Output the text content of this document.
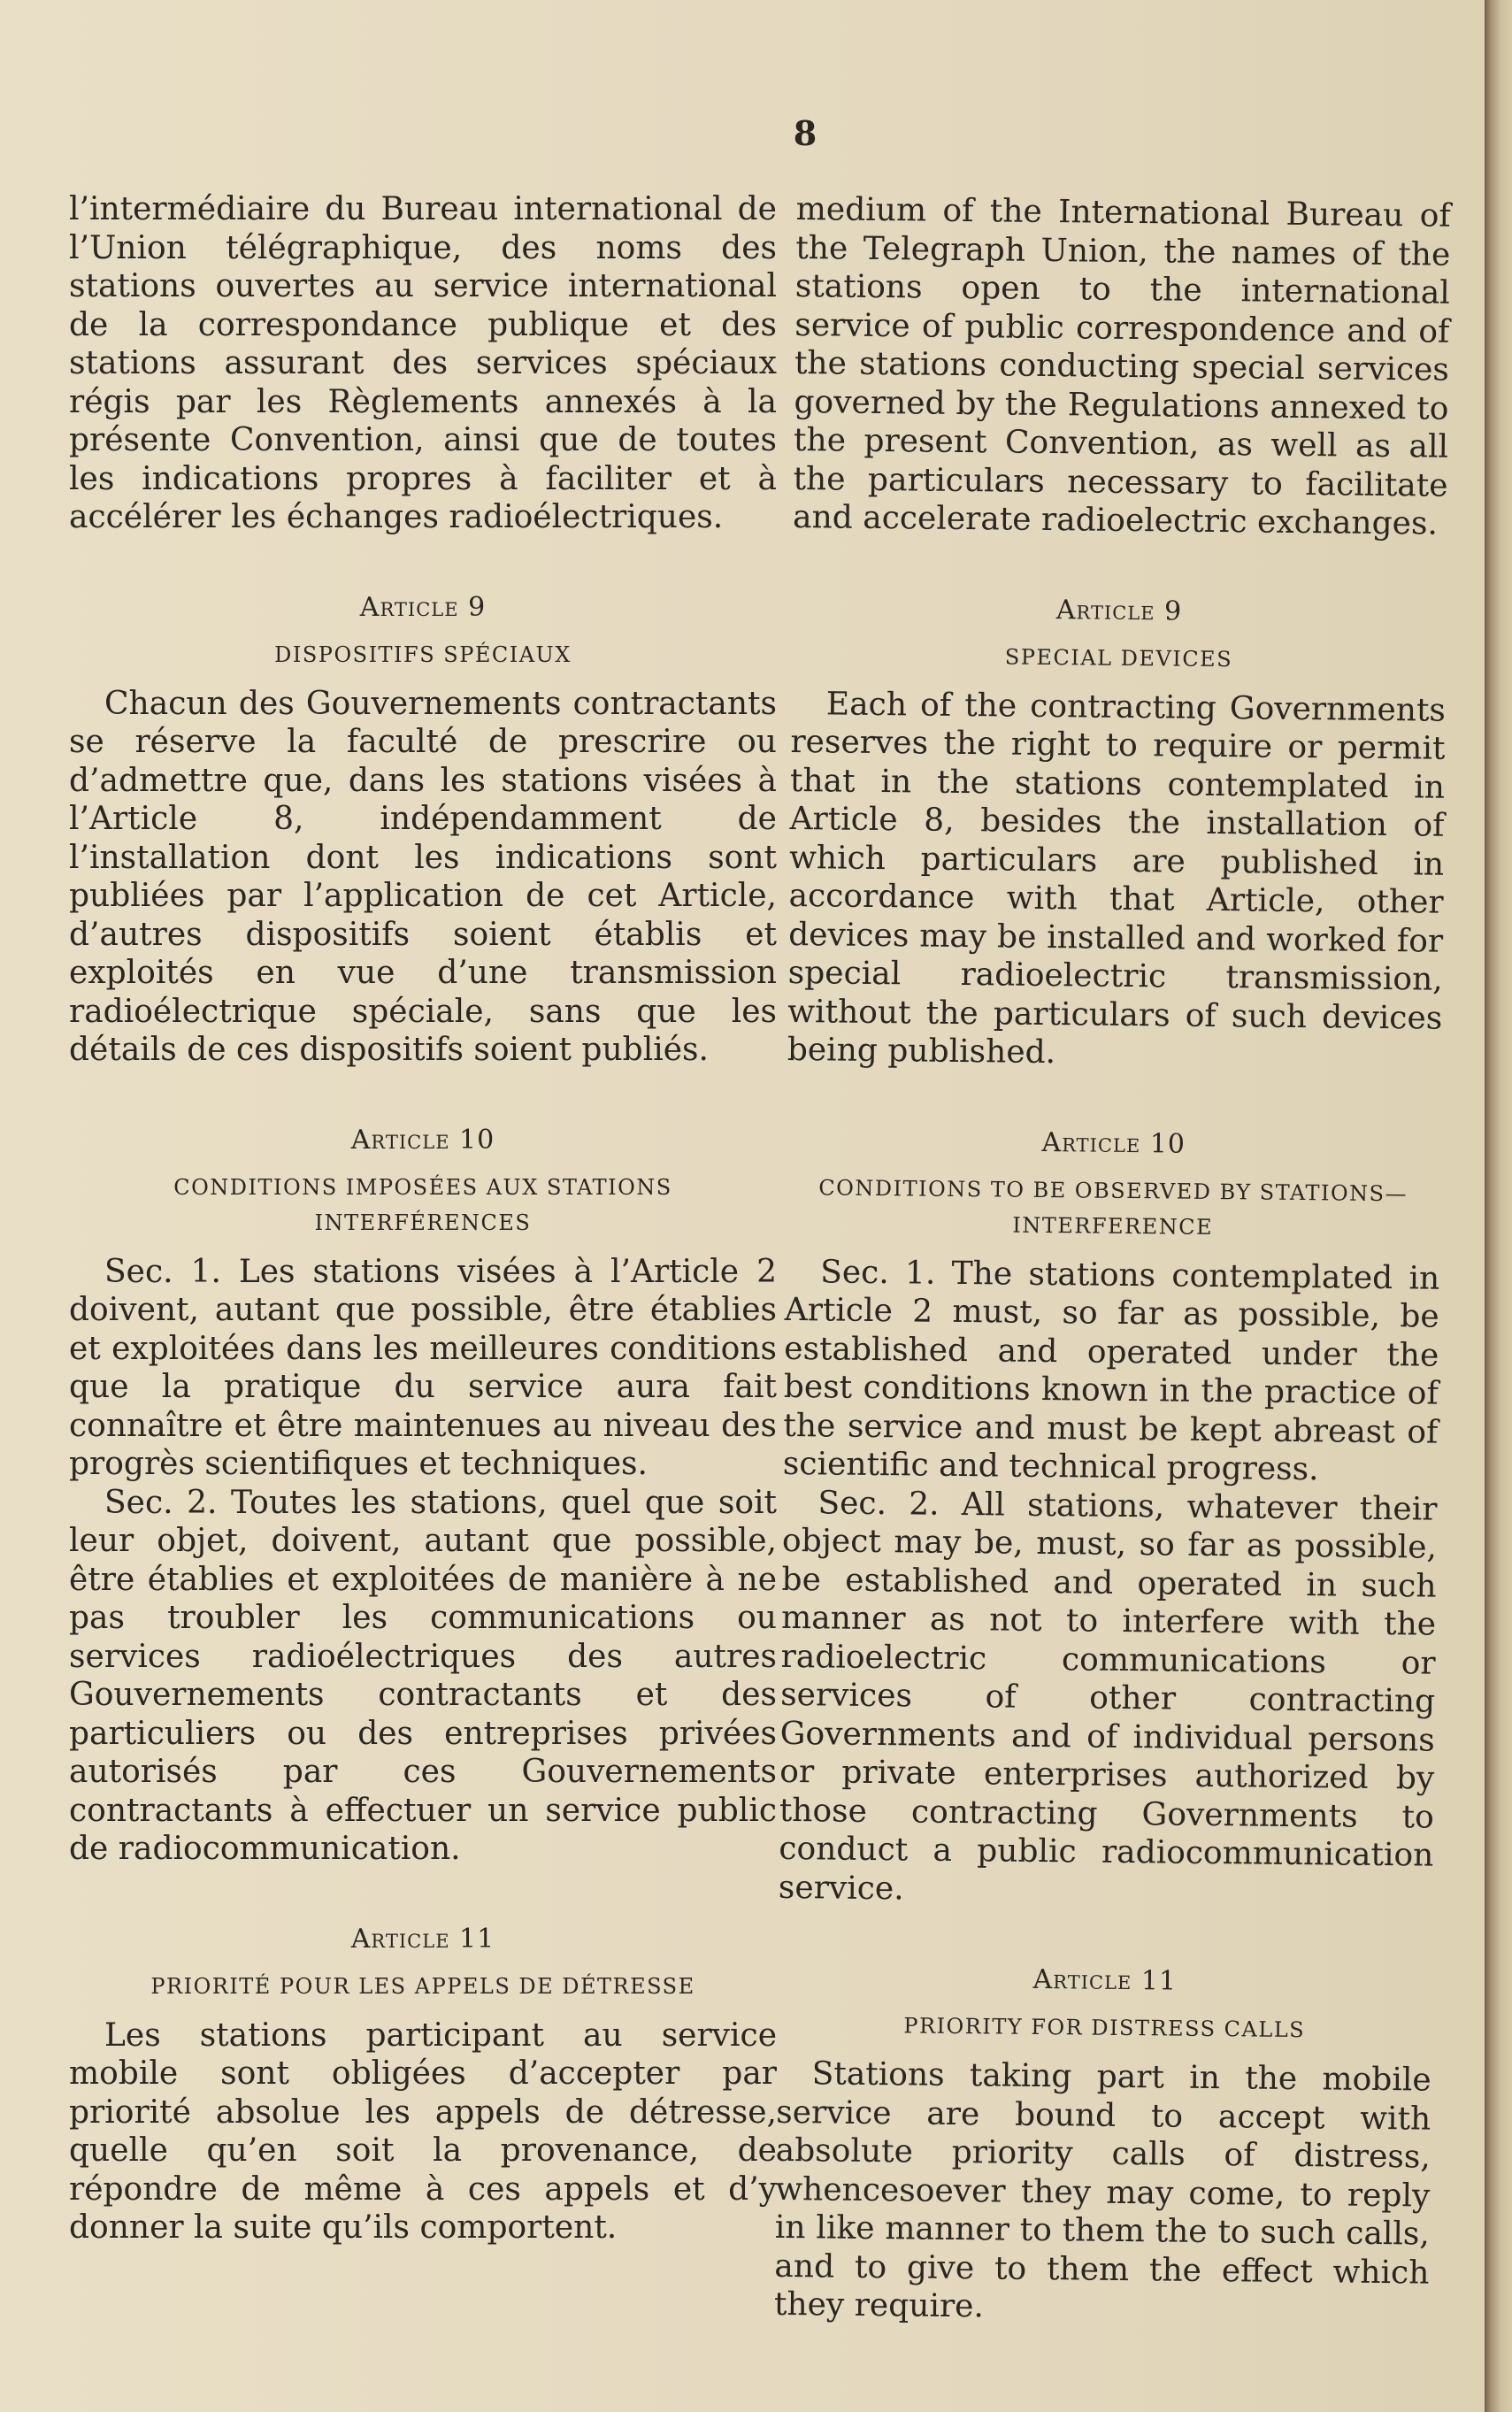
8

l’intermédiaire du Bureau international de l’Union télégraphique, des noms des stations ouvertes au service international de la correspondance publique et des stations assurant des services spéciaux régis par les Règlements annexés à la présente Convention, ainsi que de toutes les indications propres à faciliter et à accélérer les échanges radioélectriques.

Article 9
DISPOSITIFS SPÉCIAUX

Chacun des Gouvernements contractants se réserve la faculté de prescrire ou d’admettre que, dans les stations visées à l’Article 8, indépendamment de l’installation dont les indications sont publiées par l’application de cet Article, d’autres dispositifs soient établis et exploités en vue d’une transmission radioélectrique spéciale, sans que les détails de ces dispositifs soient publiés.

Article 10
CONDITIONS IMPOSÉES AUX STATIONS INTERFÉRENCES

Sec. 1. Les stations visées à l’Article 2 doivent, autant que possible, être établies et exploitées dans les meilleures conditions que la pratique du service aura fait connaître et être maintenues au niveau des progrès scientifiques et techniques.

Sec. 2. Toutes les stations, quel que soit leur objet, doivent, autant que possible, être établies et exploitées de manière à ne pas troubler les communications ou services radioélectriques des autres Gouvernements contractants et des particuliers ou des entreprises privées autorisés par ces Gouvernements contractants à effectuer un service public de radiocommunication.

Article 11
PRIORITÉ POUR LES APPELS DE DÉTRESSE

Les stations participant au service mobile sont obligées d’accepter par priorité absolue les appels de détresse, quelle qu’en soit la provenance, de répondre de même à ces appels et d’y donner la suite qu’ils comportent.

medium of the International Bureau of the Telegraph Union, the names of the stations open to the international service of public correspondence and of the stations conducting special services governed by the Regulations annexed to the present Convention, as well as all the particulars necessary to facilitate and accelerate radioelectric exchanges.

Article 9
SPECIAL DEVICES

Each of the contracting Governments reserves the right to require or permit that in the stations contemplated in Article 8, besides the installation of which particulars are published in accordance with that Article, other devices may be installed and worked for special radioelectric transmission, without the particulars of such devices being published.

Article 10
CONDITIONS TO BE OBSERVED BY STATIONS—INTERFERENCE

Sec. 1. The stations contemplated in Article 2 must, so far as possible, be established and operated under the best conditions known in the practice of the service and must be kept abreast of scientific and technical progress.

Sec. 2. All stations, whatever their object may be, must, so far as possible, be established and operated in such manner as not to interfere with the radioelectric communications or services of other contracting Governments and of individual persons or private enterprises authorized by those contracting Governments to conduct a public radiocommunication service.

Article 11
PRIORITY FOR DISTRESS CALLS

Stations taking part in the mobile service are bound to accept with absolute priority calls of distress, whencesoever they may come, to reply in like manner to them the to such calls, and to give to them the effect which they require.
